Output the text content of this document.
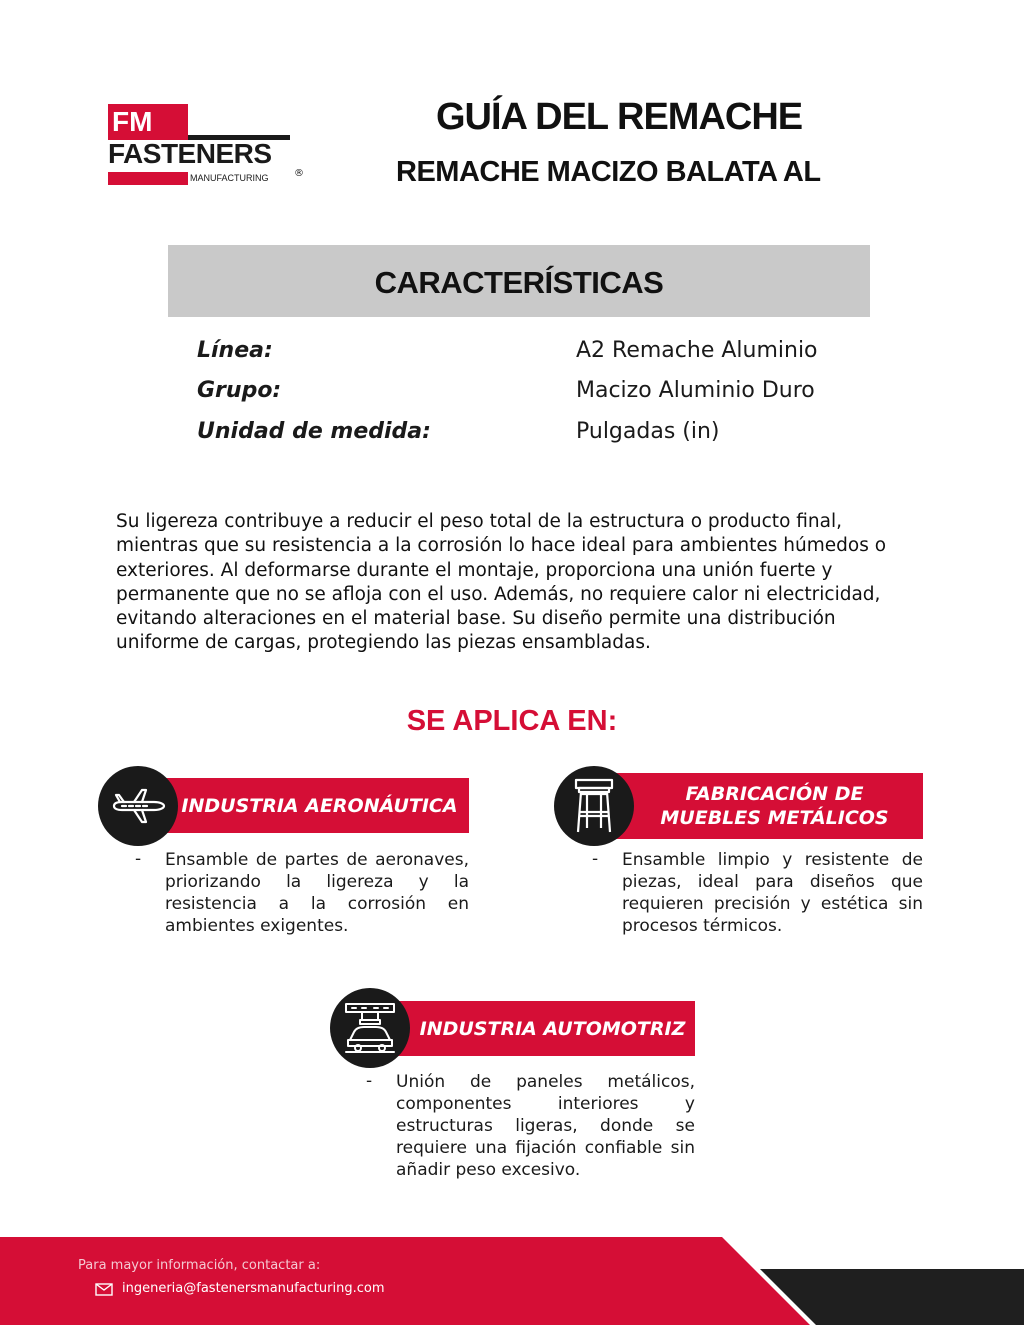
FM
FASTENERS
MANUFACTURING	®
GUÍA DEL REMACHE
REMACHE MACIZO BALATA AL
CARACTERÍSTICAS
Línea:	A2 Remache Aluminio
Grupo:	Macizo Aluminio Duro
Unidad de medida:	Pulgadas (in)
Su ligereza contribuye a reducir el peso total de la estructura o producto final, mientras que su resistencia a la corrosión lo hace ideal para ambientes húmedos o exteriores. Al deformarse durante el montaje, proporciona una unión fuerte y permanente que no se afloja con el uso. Además, no requiere calor ni electricidad, evitando alteraciones en el material base. Su diseño permite una distribución uniforme de cargas, protegiendo las piezas ensambladas.
SE APLICA EN:
INDUSTRIA AERONÁUTICA
- Ensamble de partes de aeronaves, priorizando la ligereza y la resistencia a la corrosión en ambientes exigentes.
FABRICACIÓN DE
MUEBLES METÁLICOS
- Ensamble limpio y resistente de piezas, ideal para diseños que requieren precisión y estética sin procesos térmicos.
INDUSTRIA AUTOMOTRIZ
- Unión de paneles metálicos, componentes interiores y estructuras ligeras, donde se requiere una fijación confiable sin añadir peso excesivo.
Para mayor información, contactar a:
ingeneria@fastenersmanufacturing.com
